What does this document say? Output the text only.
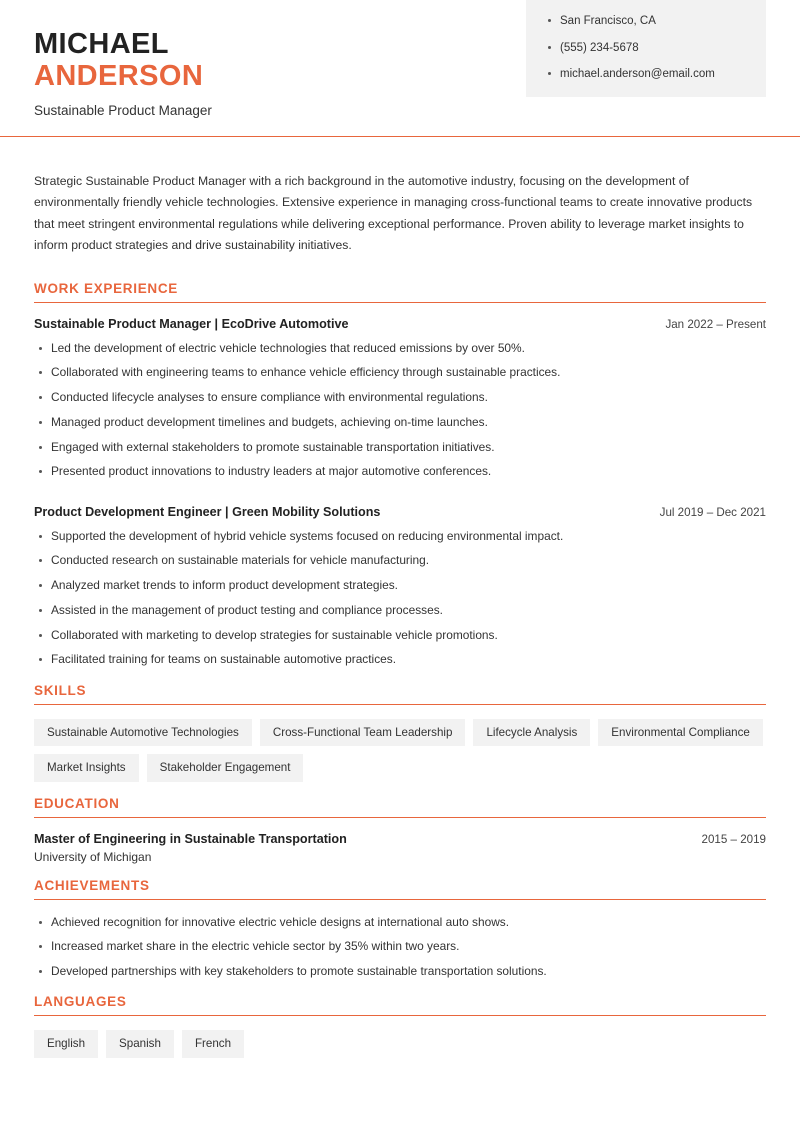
MICHAEL
ANDERSON
Sustainable Product Manager
San Francisco, CA
(555) 234-5678
michael.anderson@email.com

Strategic Sustainable Product Manager with a rich background in the automotive industry, focusing on the development of environmentally friendly vehicle technologies. Extensive experience in managing cross-functional teams to create innovative products that meet stringent environmental regulations while delivering exceptional performance. Proven ability to leverage market insights to inform product strategies and drive sustainability initiatives.

WORK EXPERIENCE
Sustainable Product Manager | EcoDrive Automotive	Jan 2022 – Present
Led the development of electric vehicle technologies that reduced emissions by over 50%.
Collaborated with engineering teams to enhance vehicle efficiency through sustainable practices.
Conducted lifecycle analyses to ensure compliance with environmental regulations.
Managed product development timelines and budgets, achieving on-time launches.
Engaged with external stakeholders to promote sustainable transportation initiatives.
Presented product innovations to industry leaders at major automotive conferences.
Product Development Engineer | Green Mobility Solutions	Jul 2019 – Dec 2021
Supported the development of hybrid vehicle systems focused on reducing environmental impact.
Conducted research on sustainable materials for vehicle manufacturing.
Analyzed market trends to inform product development strategies.
Assisted in the management of product testing and compliance processes.
Collaborated with marketing to develop strategies for sustainable vehicle promotions.
Facilitated training for teams on sustainable automotive practices.
SKILLS
Sustainable Automotive Technologies	Cross-Functional Team Leadership	Lifecycle Analysis	Environmental Compliance
Market Insights	Stakeholder Engagement
EDUCATION
Master of Engineering in Sustainable Transportation	2015 – 2019
University of Michigan
ACHIEVEMENTS
Achieved recognition for innovative electric vehicle designs at international auto shows.
Increased market share in the electric vehicle sector by 35% within two years.
Developed partnerships with key stakeholders to promote sustainable transportation solutions.
LANGUAGES
English	Spanish	French
